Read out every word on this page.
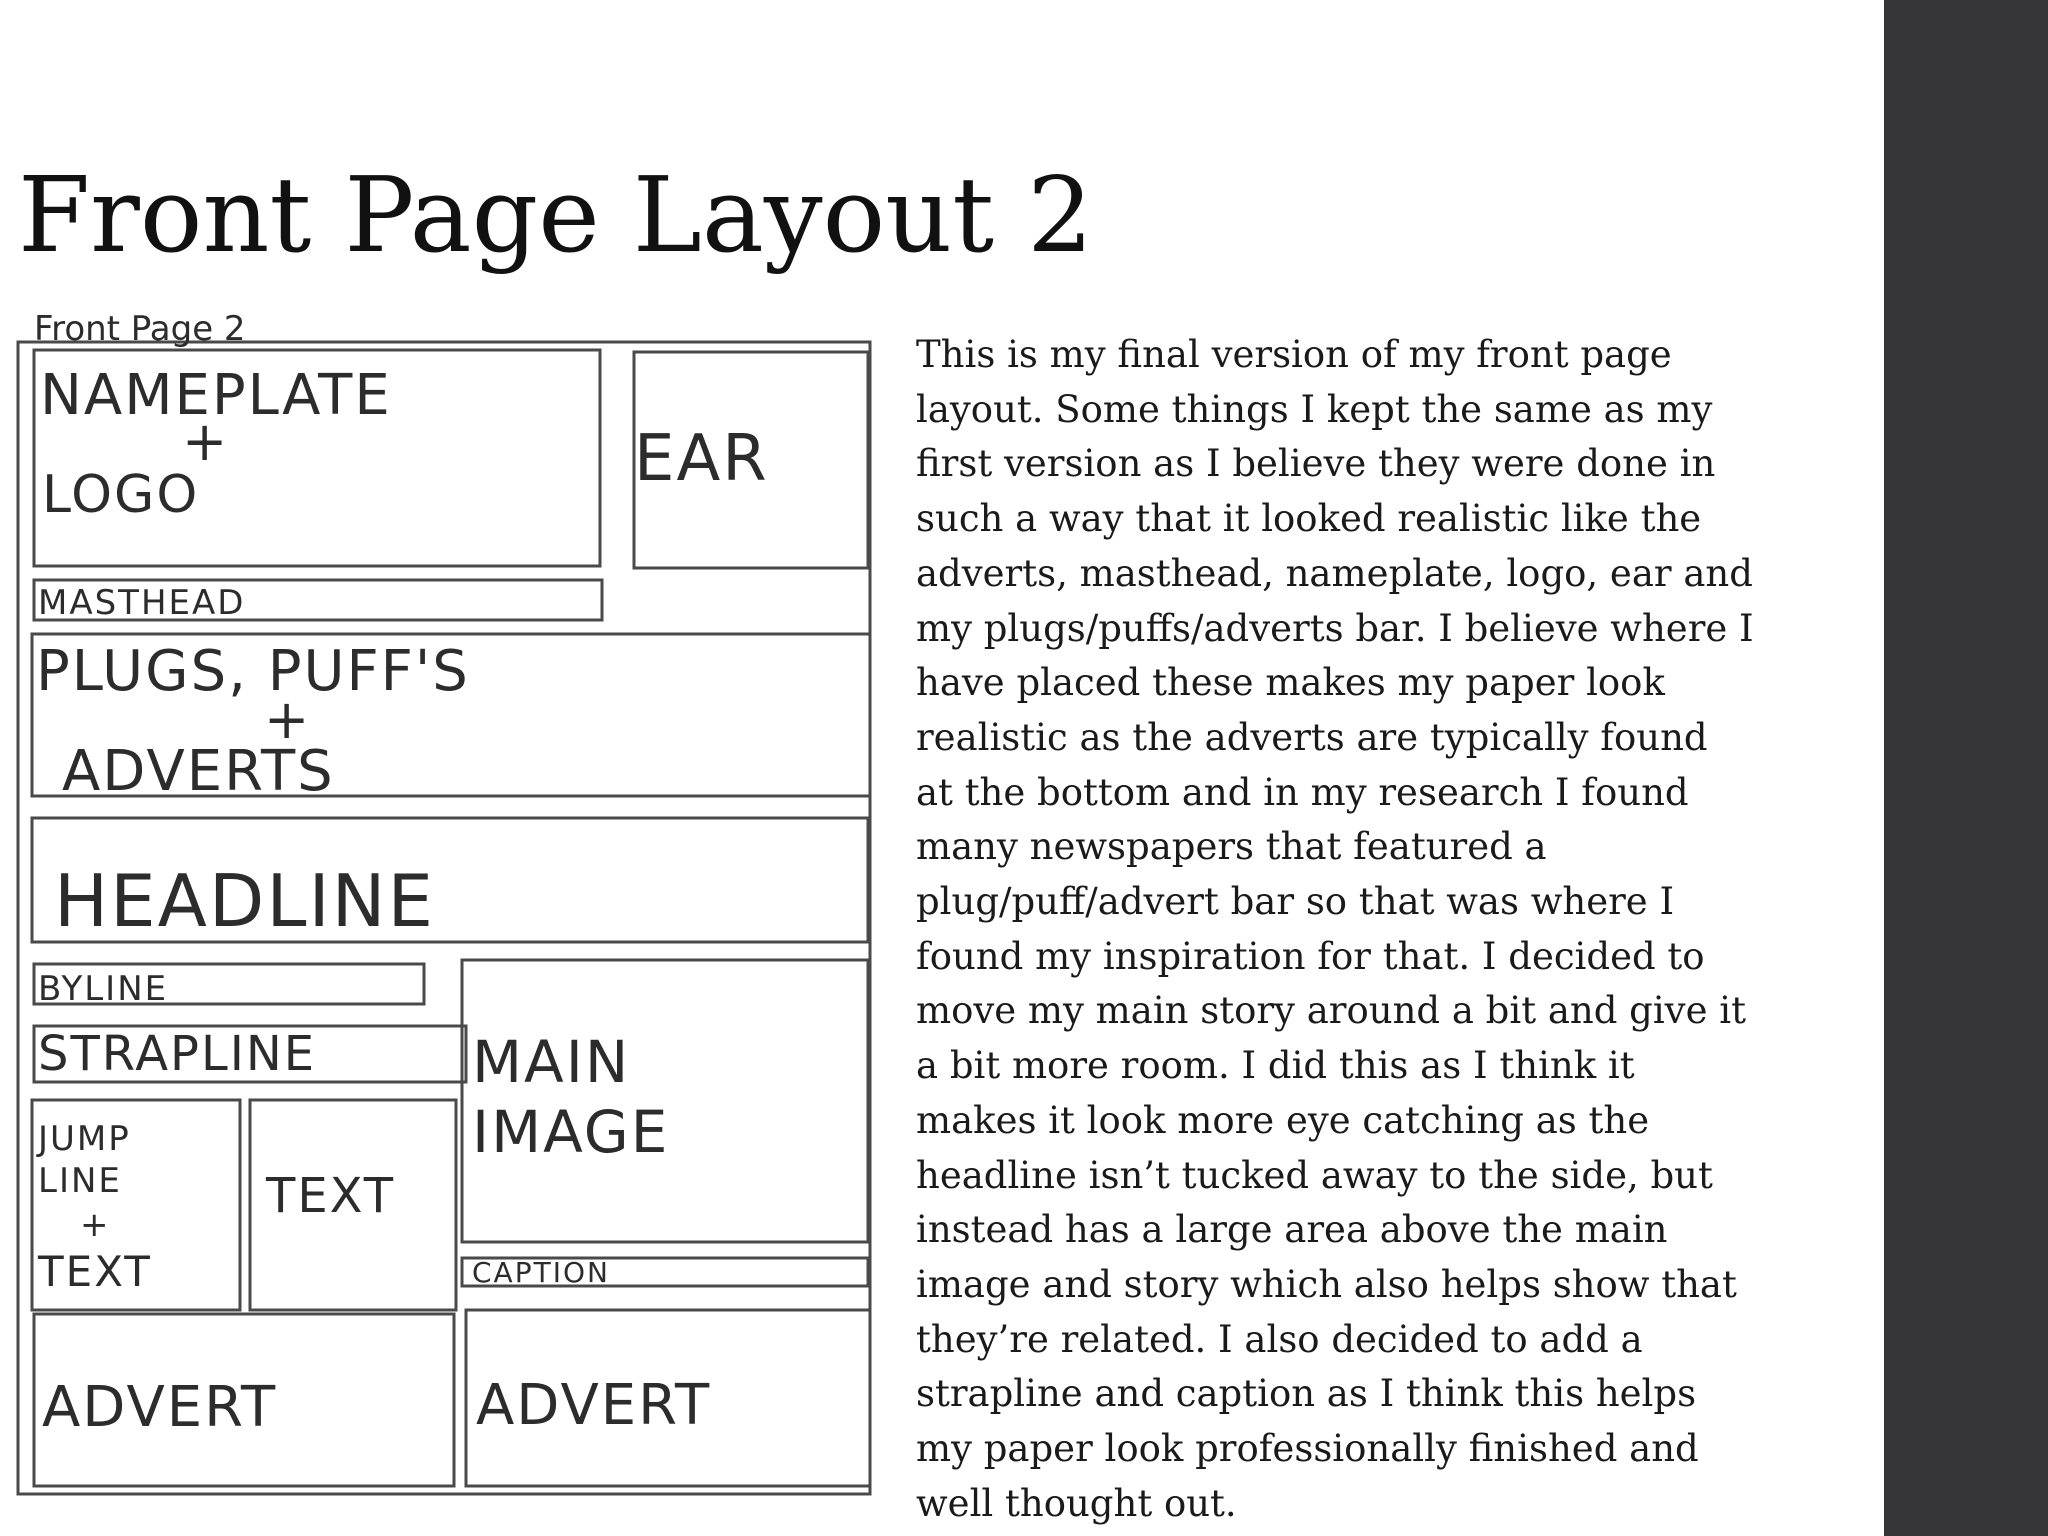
Front Page Layout 2
Front Page 2
NAMEPLATE
+
LOGO	EAR
MASTHEAD
PLUGS, PUFF'S
+
ADVERTS
HEADLINE
BYLINE
STRAPLINE	MAIN
IMAGE
JUMP
LINE
+
TEXT
TEXT
CAPTION
ADVERT	ADVERT

This is my final version of my front page
layout. Some things I kept the same as my
first version as I believe they were done in
such a way that it looked realistic like the
adverts, masthead, nameplate, logo, ear and
my plugs/puffs/adverts bar. I believe where I
have placed these makes my paper look
realistic as the adverts are typically found
at the bottom and in my research I found
many newspapers that featured a
plug/puff/advert bar so that was where I
found my inspiration for that. I decided to
move my main story around a bit and give it
a bit more room. I did this as I think it
makes it look more eye catching as the
headline isn’t tucked away to the side, but
instead has a large area above the main
image and story which also helps show that
they’re related. I also decided to add a
strapline and caption as I think this helps
my paper look professionally finished and
well thought out.
